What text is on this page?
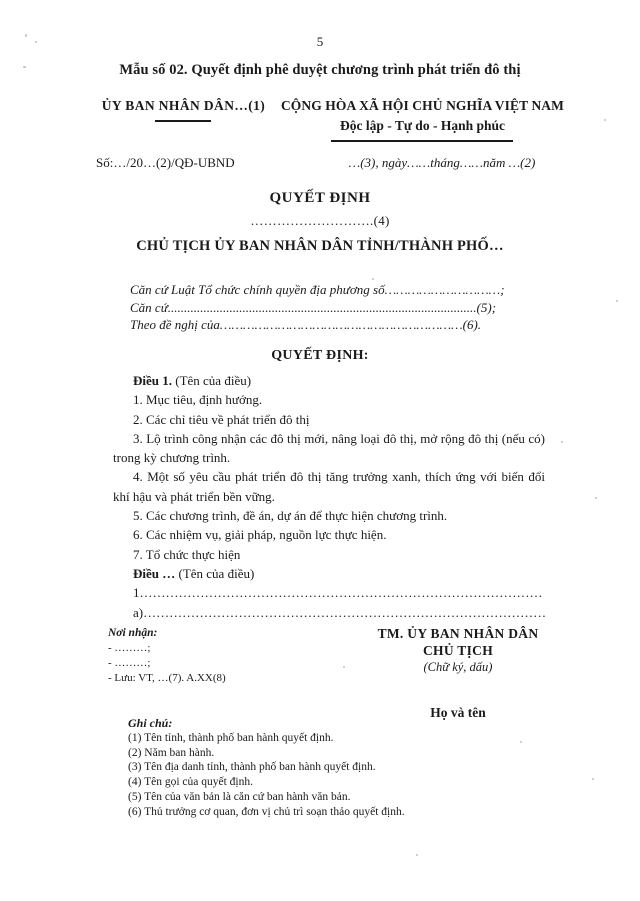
5
Mẫu số 02. Quyết định phê duyệt chương trình phát triển đô thị
ỦY BAN NHÂN DÂN…(1)	CỘNG HÒA XÃ HỘI CHỦ NGHĨA VIỆT NAM
Độc lập - Tự do - Hạnh phúc
Số:…/20…(2)/QĐ-UBND	…(3), ngày……tháng……năm …(2)
QUYẾT ĐỊNH
……………………….(4)
CHỦ TỊCH ỦY BAN NHÂN DÂN TỈNH/THÀNH PHỐ…
Căn cứ Luật Tổ chức chính quyền địa phương số…………………………;
Căn cứ...............................................................................................(5);
Theo đề nghị của………………………………………………………(6).
QUYẾT ĐỊNH:

Điều 1. (Tên của điều)

1. Mục tiêu, định hướng.

2. Các chỉ tiêu về phát triển đô thị

3. Lộ trình công nhận các đô thị mới, nâng loại đô thị, mở rộng đô thị (nếu có) trong kỳ chương trình.

4. Một số yêu cầu phát triển đô thị tăng trưởng xanh, thích ứng với biến đổi khí hậu và phát triển bền vững.

5. Các chương trình, đề án, dự án để thực hiện chương trình.

6. Các nhiệm vụ, giải pháp, nguồn lực thực hiện.

7. Tổ chức thực hiện

Điều … (Tên của điều)

1…………………………………………………………………………………

a)…………………………………………………………………………………

Nơi nhận:
- ………;
- ………;
- Lưu: VT, …(7). A.XX(8)
TM. ỦY BAN NHÂN DÂN
CHỦ TỊCH
(Chữ ký, dấu)
Họ và tên

Ghi chú:

(1) Tên tỉnh, thành phố ban hành quyết định.

(2) Năm ban hành.

(3) Tên địa danh tỉnh, thành phố ban hành quyết định.

(4) Tên gọi của quyết định.

(5) Tên của văn bản là căn cứ ban hành văn bản.

(6) Thủ trưởng cơ quan, đơn vị chủ trì soạn thảo quyết định.
